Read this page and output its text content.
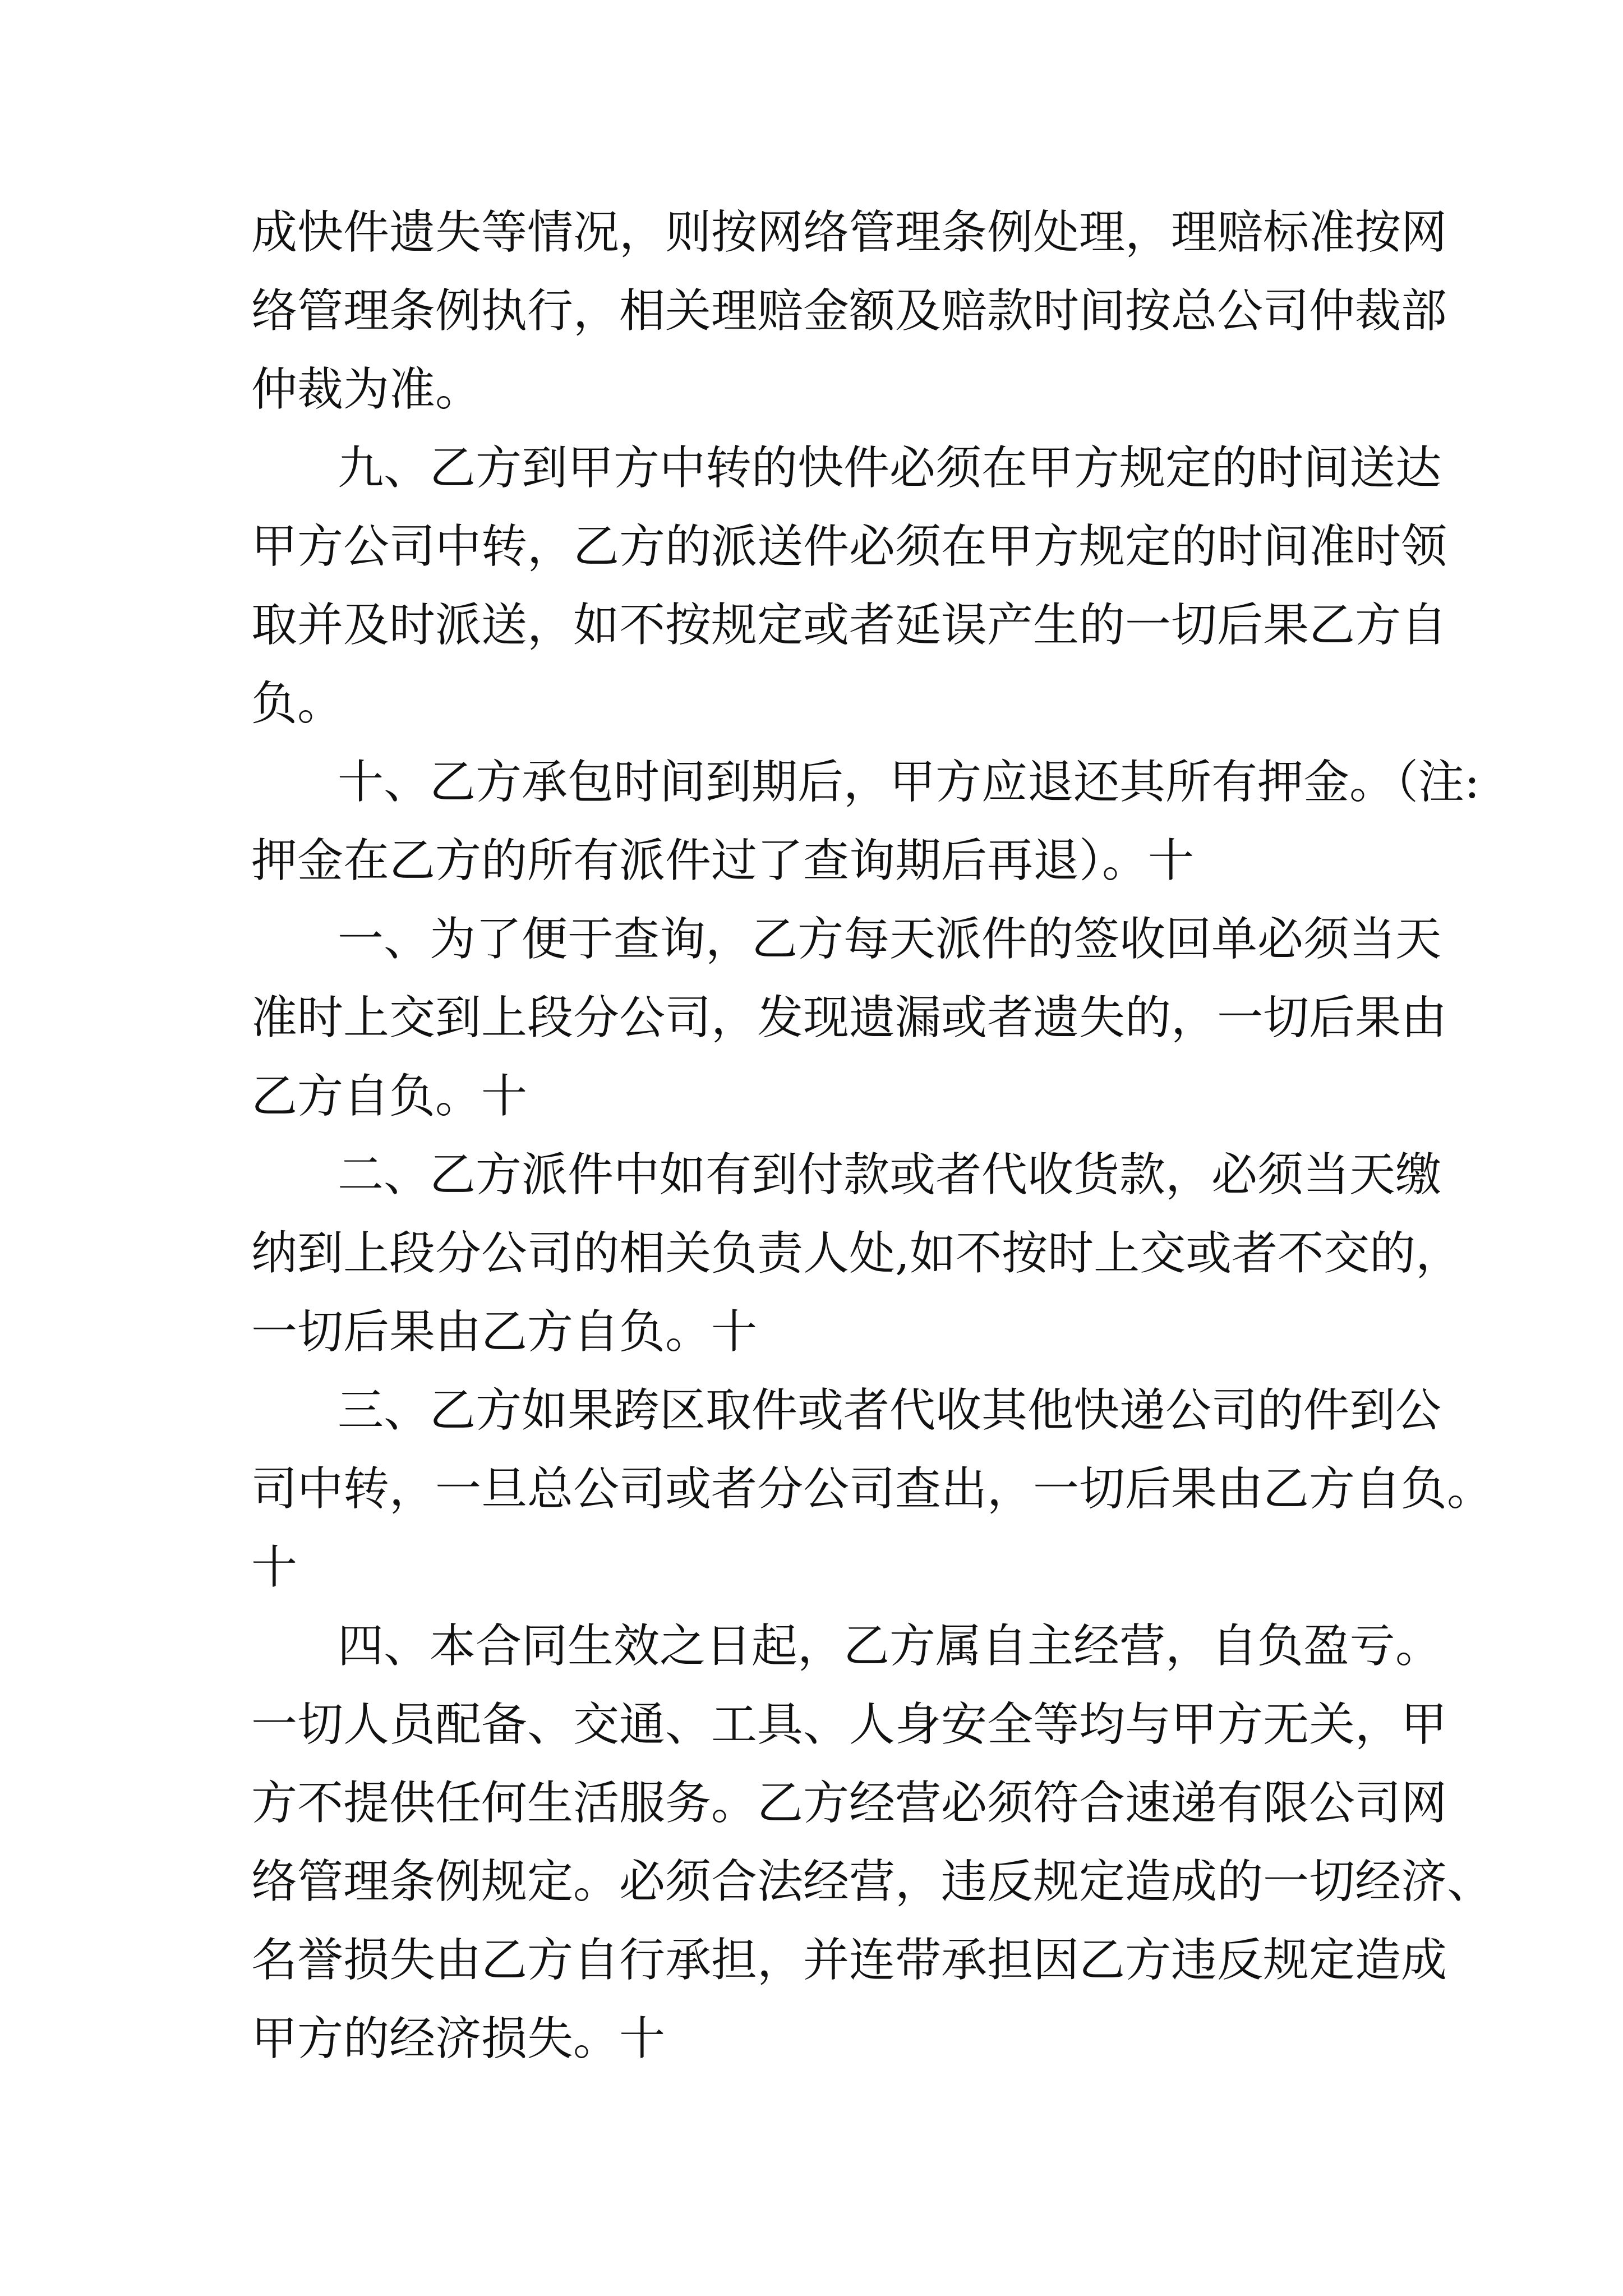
成快件遗失等情况，则按网络管理条例处理，理赔标准按网
络管理条例执行，相关理赔金额及赔款时间按总公司仲裁部
仲裁为准。
九、乙方到甲方中转的快件必须在甲方规定的时间送达
甲方公司中转，乙方的派送件必须在甲方规定的时间准时领
取并及时派送，如不按规定或者延误产生的一切后果乙方自
负。
十、乙方承包时间到期后，甲方应退还其所有押金。（注:
押金在乙方的所有派件过了查询期后再退）。十
一、为了便于查询，乙方每天派件的签收回单必须当天
准时上交到上段分公司，发现遗漏或者遗失的，一切后果由
乙方自负。十
二、乙方派件中如有到付款或者代收货款，必须当天缴
纳到上段分公司的相关负责人处,如不按时上交或者不交的，
一切后果由乙方自负。十
三、乙方如果跨区取件或者代收其他快递公司的件到公
司中转，一旦总公司或者分公司查出，一切后果由乙方自负。
十
四、本合同生效之日起，乙方属自主经营，自负盈亏。
一切人员配备、交通、工具、人身安全等均与甲方无关，甲
方不提供任何生活服务。乙方经营必须符合速递有限公司网
络管理条例规定。必须合法经营，违反规定造成的一切经济、
名誉损失由乙方自行承担，并连带承担因乙方违反规定造成
甲方的经济损失。十
